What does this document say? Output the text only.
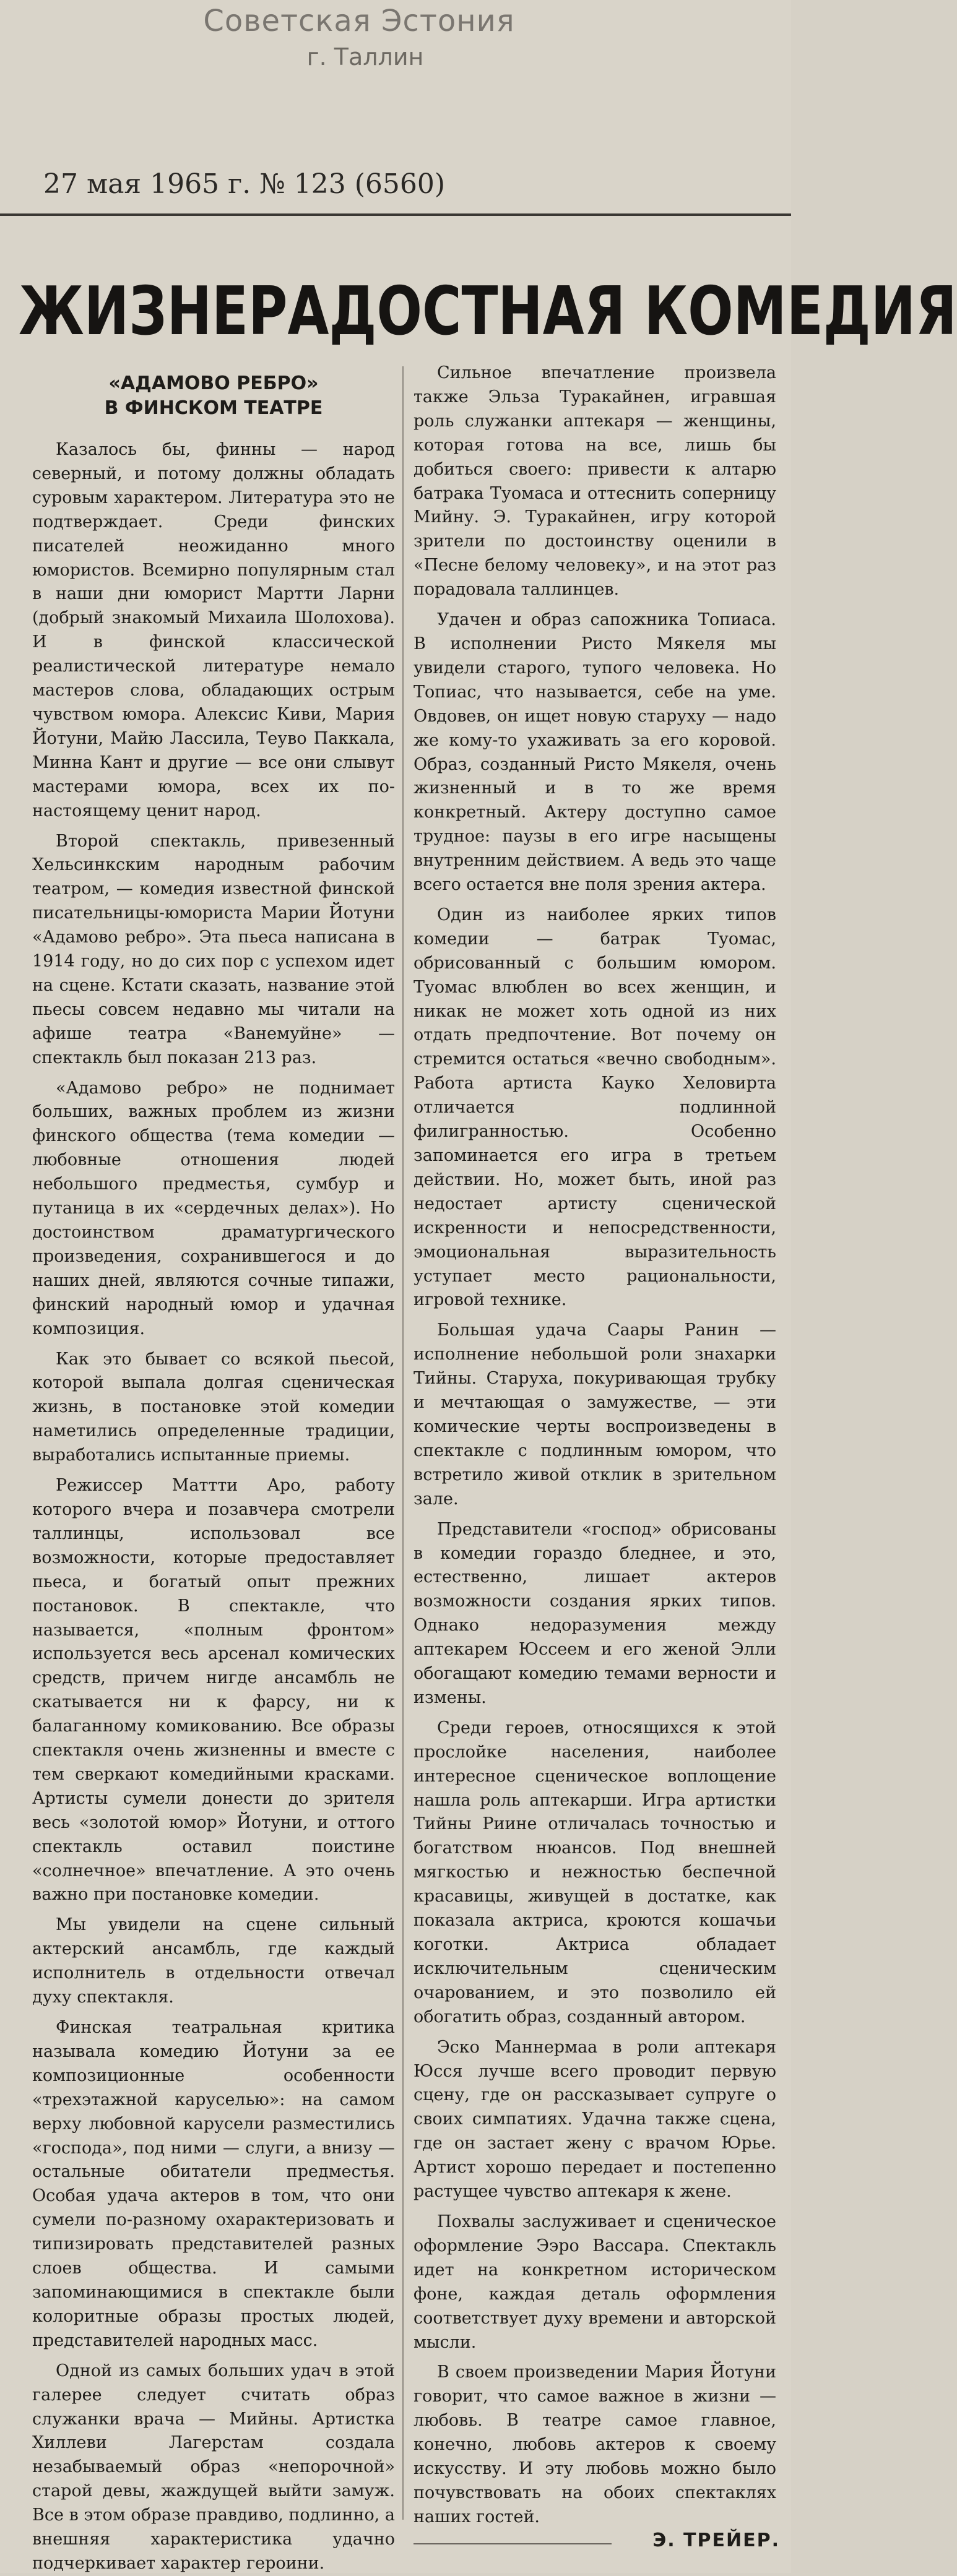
Советская Эстония
г. Таллин
27 мая 1965 г. № 123 (6560)
ЖИЗНЕРАДОСТНАЯ КОМЕДИЯ
«АДАМОВО РЕБРО»
В ФИНСКОМ ТЕАТРЕ

Казалось бы, финны — народ северный, и потому должны обладать суровым характером. Литература это не подтверждает. Среди финских писателей неожиданно много юмористов. Всемирно популярным стал в наши дни юморист Мартти Ларни (добрый знакомый Михаила Шолохова). И в финской классической реалистической литературе немало мастеров слова, обладающих острым чувством юмора. Алексис Киви, Мария Йотуни, Майю Лассила, Теуво Паккала, Минна Кант и другие — все они слывут мастерами юмора, всех их по-настоящему ценит народ.

Второй спектакль, привезенный Хельсинкским народным рабочим театром, — комедия известной финской писательницы-юмориста Марии Йотуни «Адамово ребро». Эта пьеса написана в 1914 году, но до сих пор с успехом идет на сцене. Кстати сказать, название этой пьесы совсем недавно мы читали на афише театра «Ванемуйне» — спектакль был показан 213 раз.

«Адамово ребро» не поднимает больших, важных проблем из жизни финского общества (тема комедии — любовные отношения людей небольшого предместья, сумбур и путаница в их «сердечных делах»). Но достоинством драматургического произведения, сохранившегося и до наших дней, являются сочные типажи, финский народный юмор и удачная композиция.

Как это бывает со всякой пьесой, которой выпала долгая сценическая жизнь, в постановке этой комедии наметились определенные традиции, выработались испытанные приемы.

Режиссер Маттти Аро, работу которого вчера и позавчера смотрели таллинцы, использовал все возможности, которые предоставляет пьеса, и богатый опыт прежних постановок. В спектакле, что называется, «полным фронтом» используется весь арсенал комических средств, причем нигде ансамбль не скатывается ни к фарсу, ни к балаганному комикованию. Все образы спектакля очень жизненны и вместе с тем сверкают комедийными красками. Артисты сумели донести до зрителя весь «золотой юмор» Йотуни, и оттого спектакль оставил поистине «солнечное» впечатление. А это очень важно при постановке комедии.

Мы увидели на сцене сильный актерский ансамбль, где каждый исполнитель в отдельности отвечал духу спектакля.

Финская театральная критика называла комедию Йотуни за ее композиционные особенности «трехэтажной каруселью»: на самом верху любовной карусели разместились «господа», под ними — слуги, а внизу — остальные обитатели предместья. Особая удача актеров в том, что они сумели по-разному охарактеризовать и типизировать представителей разных слоев общества. И самыми запоминающимися в спектакле были колоритные образы простых людей, представителей народных масс.

Одной из самых больших удач в этой галерее следует считать образ служанки врача — Мийны. Артистка Хиллеви Лагерстам создала незабываемый образ «непорочной» старой девы, жаждущей выйти замуж. Все в этом образе правдиво, подлинно, а внешняя характеристика удачно подчеркивает характер героини.

Сильное впечатление произвела также Эльза Туракайнен, игравшая роль служанки аптекаря — женщины, которая готова на все, лишь бы добиться своего: привести к алтарю батрака Туомаса и оттеснить соперницу Мийну. Э. Туракайнен, игру которой зрители по достоинству оценили в «Песне белому человеку», и на этот раз порадовала таллинцев.

Удачен и образ сапожника Топиаса. В исполнении Ристо Мякеля мы увидели старого, тупого человека. Но Топиас, что называется, себе на уме. Овдовев, он ищет новую старуху — надо же кому-то ухаживать за его коровой. Образ, созданный Ристо Мякеля, очень жизненный и в то же время конкретный. Актеру доступно самое трудное: паузы в его игре насыщены внутренним действием. А ведь это чаще всего остается вне поля зрения актера.

Один из наиболее ярких типов комедии — батрак Туомас, обрисованный с большим юмором. Туомас влюблен во всех женщин, и никак не может хоть одной из них отдать предпочтение. Вот почему он стремится остаться «вечно свободным». Работа артиста Кауко Хеловирта отличается подлинной филигранностью. Особенно запоминается его игра в третьем действии. Но, может быть, иной раз недостает артисту сценической искренности и непосредственности, эмоциональная выразительность уступает место рациональности, игровой технике.

Большая удача Саары Ранин — исполнение небольшой роли знахарки Тийны. Старуха, покуривающая трубку и мечтающая о замужестве, — эти комические черты воспроизведены в спектакле с подлинным юмором, что встретило живой отклик в зрительном зале.

Представители «господ» обрисованы в комедии гораздо бледнее, и это, естественно, лишает актеров возможности создания ярких типов. Однако недоразумения между аптекарем Юссеем и его женой Элли обогащают комедию темами верности и измены.

Среди героев, относящихся к этой прослойке населения, наиболее интересное сценическое воплощение нашла роль аптекарши. Игра артистки Тийны Риине отличалась точностью и богатством нюансов. Под внешней мягкостью и нежностью беспечной красавицы, живущей в достатке, как показала актриса, кроются кошачьи коготки. Актриса обладает исключительным сценическим очарованием, и это позволило ей обогатить образ, созданный автором.

Эско Маннермаа в роли аптекаря Юсся лучше всего проводит первую сцену, где он рассказывает супруге о своих симпатиях. Удачна также сцена, где он застает жену с врачом Юрье. Артист хорошо передает и постепенно растущее чувство аптекаря к жене.

Похвалы заслуживает и сценическое оформление Ээро Вассара. Спектакль идет на конкретном историческом фоне, каждая деталь оформления соответствует духу времени и авторской мысли.

В своем произведении Мария Йотуни говорит, что самое важное в жизни — любовь. В театре самое главное, конечно, любовь актеров к своему искусству. И эту любовь можно было почувствовать на обоих спектаклях наших гостей.

Э. ТРЕЙЕР.
